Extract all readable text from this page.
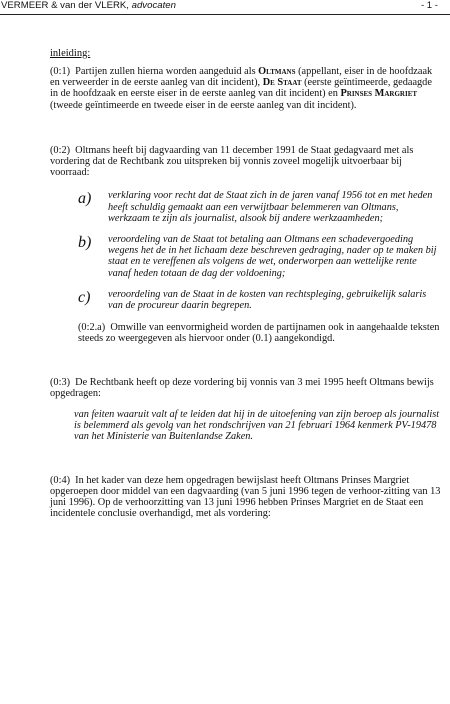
VERMEER & van der VLERK, advocaten	- 1 -

inleiding:

(0:1) Partijen zullen hierna worden aangeduid als Oltmans (appellant, eiser in de hoofdzaak en verweerder in de eerste aanleg van dit incident), De Staat (eerste geïntimeerde, gedaagde in de hoofdzaak en eerste eiser in de eerste aanleg van dit incident) en Prinses Margriet (tweede geïntimeerde en tweede eiser in de eerste aanleg van dit incident).

(0:2) Oltmans heeft bij dagvaarding van 11 december 1991 de Staat gedagvaard met als vordering dat de Rechtbank zou uitspreken bij vonnis zoveel mogelijk uitvoerbaar bij voorraad:

a) verklaring voor recht dat de Staat zich in de jaren vanaf 1956 tot en met heden heeft schuldig gemaakt aan een verwijtbaar belemmeren van Oltmans, werkzaam te zijn als journalist, alsook bij andere werkzaamheden;
b) veroordeling van de Staat tot betaling aan Oltmans een schadevergoeding wegens het de in het lichaam deze beschreven gedraging, nader op te maken bij staat en te vereffenen als volgens de wet, onderworpen aan wettelijke rente vanaf heden totaan de dag der voldoening;
c) veroordeling van de Staat in de kosten van rechtspleging, gebruikelijk salaris van de procureur daarin begrepen.

(0:2.a) Omwille van eenvormigheid worden de partijnamen ook in aangehaalde teksten steeds zo weergegeven als hiervoor onder (0.1) aangekondigd.

(0:3) De Rechtbank heeft op deze vordering bij vonnis van 3 mei 1995 heeft Oltmans bewijs opgedragen:

van feiten waaruit valt af te leiden dat hij in de uitoefening van zijn beroep als journalist is belemmerd als gevolg van het rondschrijven van 21 februari 1964 kenmerk PV-19478 van het Ministerie van Buitenlandse Zaken.

(0:4) In het kader van deze hem opgedragen bewijslast heeft Oltmans Prinses Margriet opgeroepen door middel van een dagvaarding (van 5 juni 1996 tegen de verhoor-zitting van 13 juni 1996). Op de verhoorzitting van 13 juni 1996 hebben Prinses Margriet en de Staat een incidentele conclusie overhandigd, met als vordering:
